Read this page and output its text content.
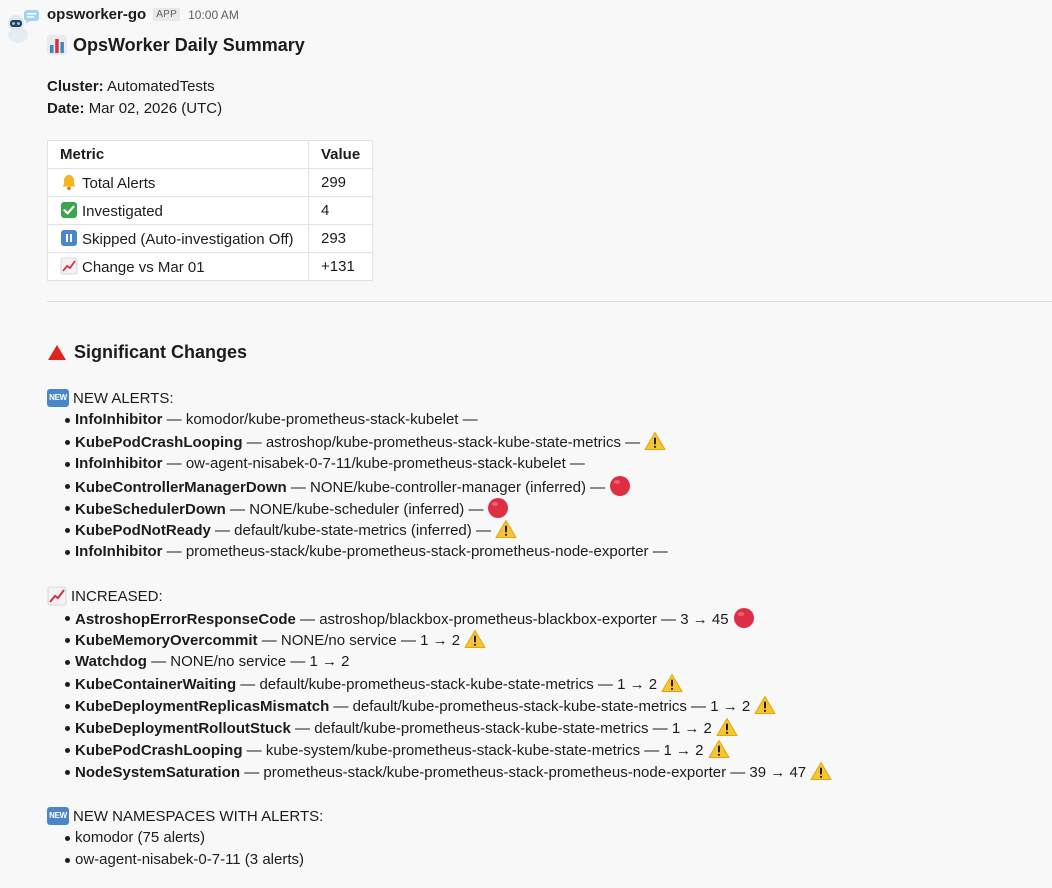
opsworker-go	APP 10:00 AM
OpsWorker Daily Summary
Cluster: AutomatedTests
Date: Mar 02, 2026 (UTC)
Metric	Value
Total Alerts	299
Investigated	4
Skipped (Auto-investigation Off)	293
Change vs Mar 01	+131
Significant Changes
NEW NEW ALERTS:
InfoInhibitor — komodor/kube-prometheus-stack-kubelet —
KubePodCrashLooping — astroshop/kube-prometheus-stack-kube-state-metrics —
InfoInhibitor — ow-agent-nisabek-0-7-11/kube-prometheus-stack-kubelet —
KubeControllerManagerDown — NONE/kube-controller-manager (inferred) —
KubeSchedulerDown — NONE/kube-scheduler (inferred) —
KubePodNotReady — default/kube-state-metrics (inferred) —
InfoInhibitor — prometheus-stack/kube-prometheus-stack-prometheus-node-exporter —
INCREASED:
AstroshopErrorResponseCode — astroshop/blackbox-prometheus-blackbox-exporter — 3 → 45
KubeMemoryOvercommit — NONE/no service — 1 → 2
Watchdog — NONE/no service — 1 → 2
KubeContainerWaiting — default/kube-prometheus-stack-kube-state-metrics — 1 → 2
KubeDeploymentReplicasMismatch — default/kube-prometheus-stack-kube-state-metrics — 1 → 2
KubeDeploymentRolloutStuck — default/kube-prometheus-stack-kube-state-metrics — 1 → 2
KubePodCrashLooping — kube-system/kube-prometheus-stack-kube-state-metrics — 1 → 2
NodeSystemSaturation — prometheus-stack/kube-prometheus-stack-prometheus-node-exporter — 39 → 47
NEW NEW NAMESPACES WITH ALERTS:
komodor (75 alerts)
ow-agent-nisabek-0-7-11 (3 alerts)
